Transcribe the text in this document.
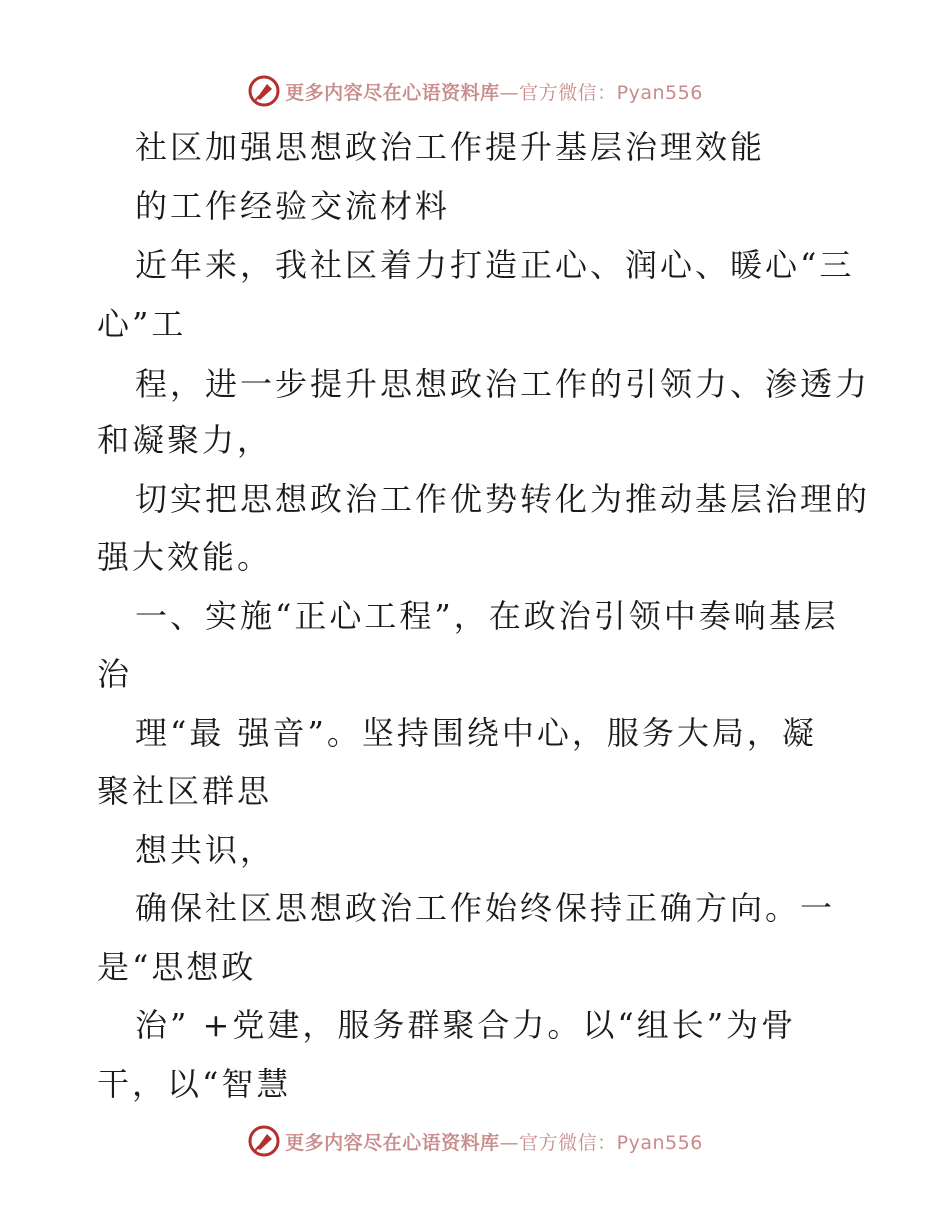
更多内容尽在心语资料库—官方微信：Pyan556
社区加强思想政治工作提升基层治理效能
的工作经验交流材料
近年来，我社区着力打造正心、润心、暖心“三
心”工
程，进一步提升思想政治工作的引领力、渗透力
和凝聚力，
切实把思想政治工作优势转化为推动基层治理的
强大效能。
一、实施“正心工程”，在政治引领中奏响基层
治
理“最 强音”。坚持围绕中心，服务大局，凝
聚社区群思
想共识，
确保社区思想政治工作始终保持正确方向。一
是“思想政
治” +党建，服务群聚合力。以“组长”为骨
干，以“智慧
更多内容尽在心语资料库—官方微信：Pyan556
